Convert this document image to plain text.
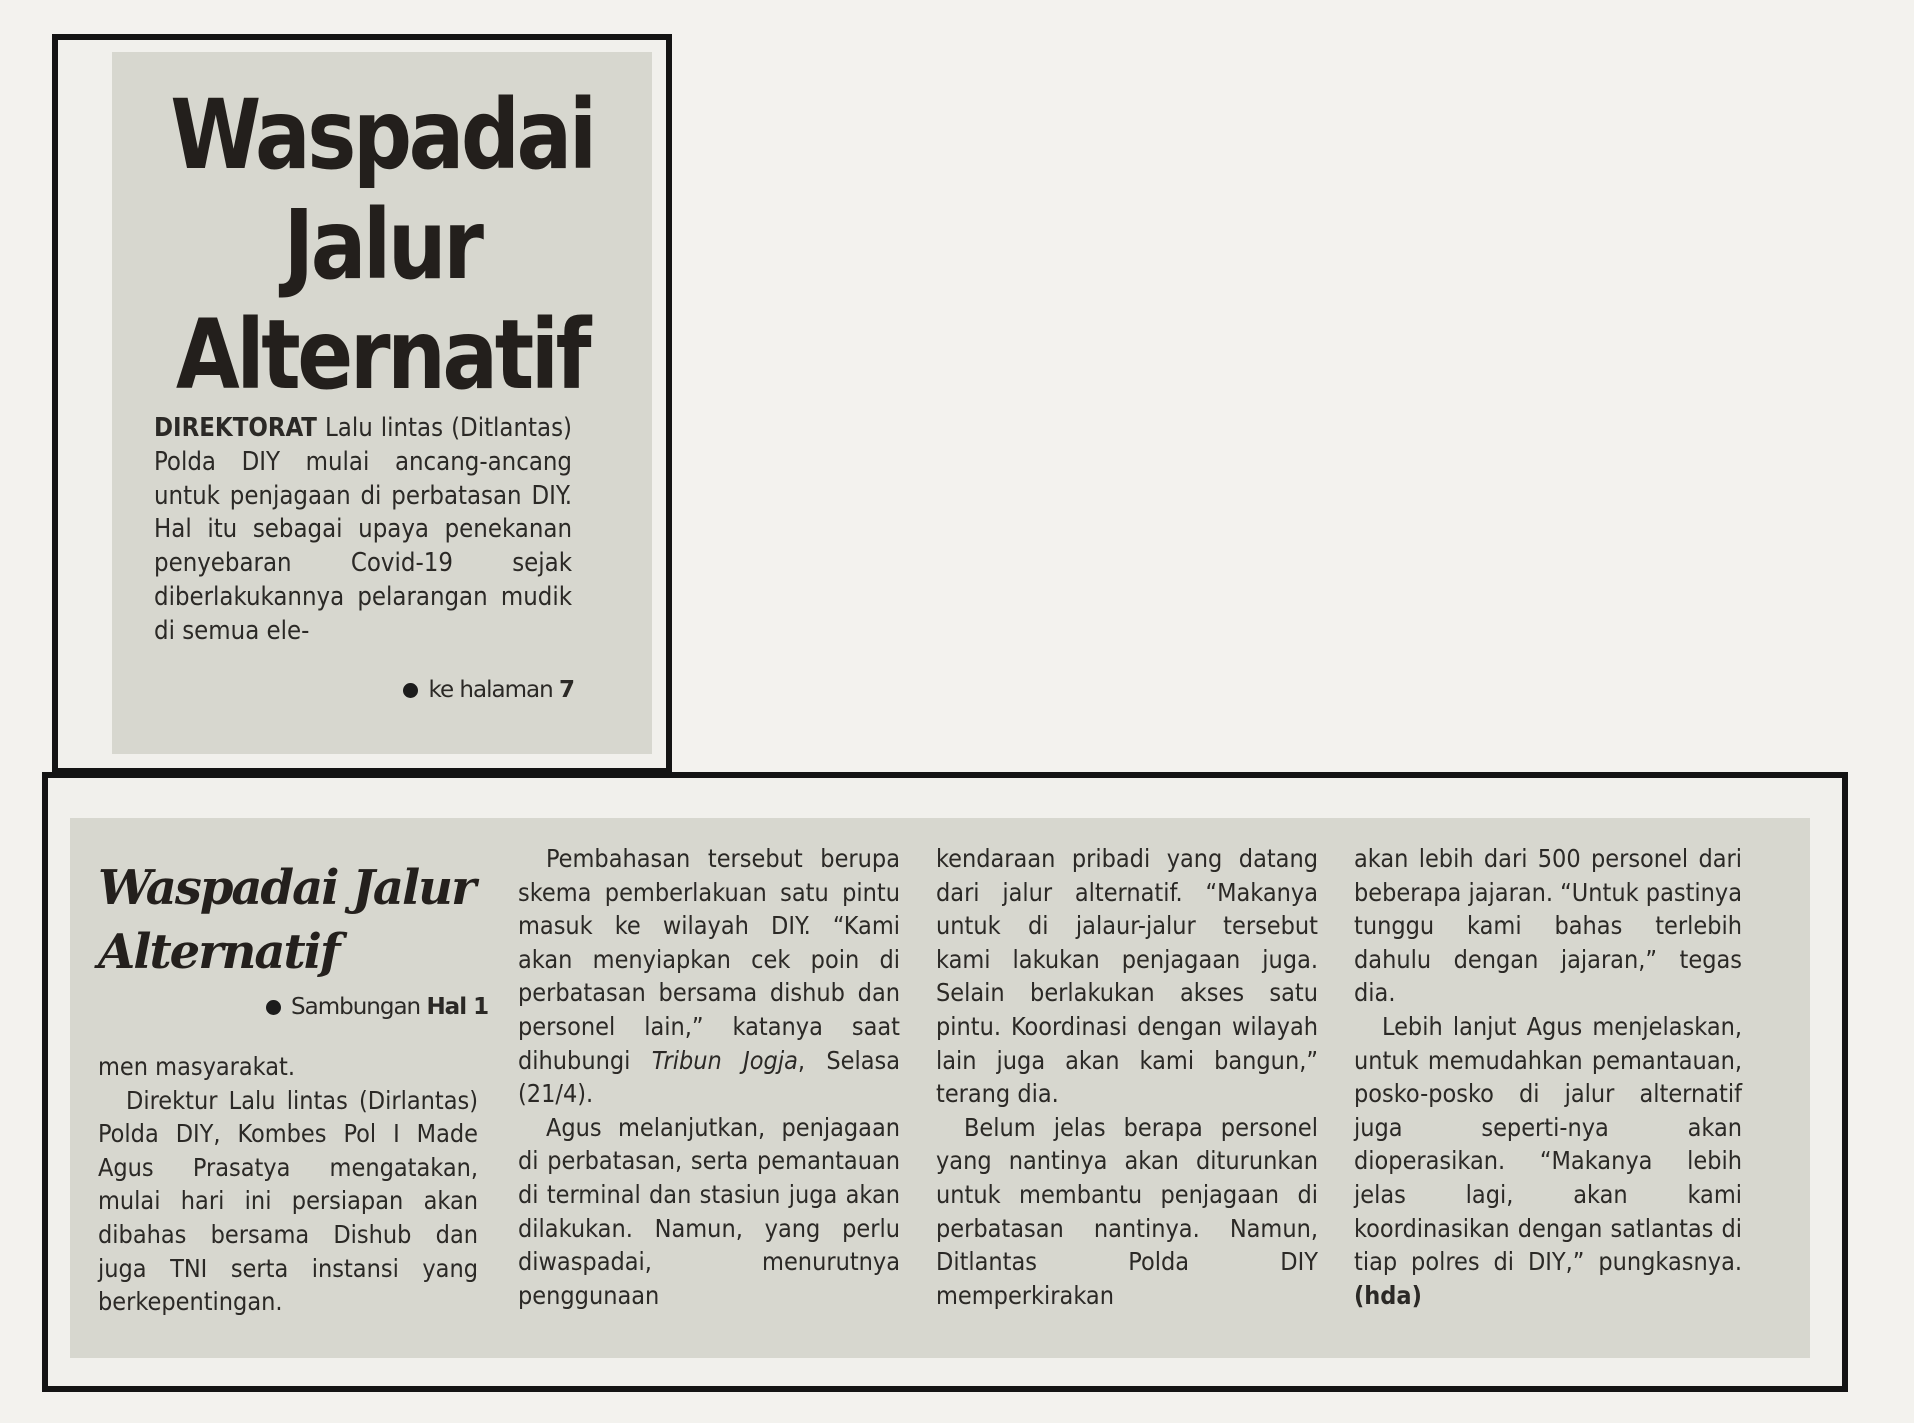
Waspadai
Jalur
Alternatif
DIREKTORAT Lalu lintas (Ditlantas) Polda DIY mulai ancang-ancang untuk penjagaan di perbatasan DIY. Hal itu sebagai upaya penekanan penyebaran Covid-19 sejak diberlakukannya pelarangan mudik di semua ele-
ke halaman 7
Waspadai Jalur
Alternatif
Sambungan Hal 1

men masyarakat.

Direktur Lalu lintas (Dirlantas) Polda DIY, Kombes Pol I Made Agus Prasatya mengatakan, mulai hari ini persiapan akan dibahas bersama Dishub dan juga TNI serta instansi yang berkepentingan.

Pembahasan tersebut berupa skema pemberlakuan satu pintu masuk ke wilayah DIY. “Kami akan menyiapkan cek poin di perbatasan bersama dishub dan personel lain,” katanya saat dihubungi Tribun Jogja, Selasa (21/4).

Agus melanjutkan, penjagaan di perbatasan, serta pemantauan di terminal dan stasiun juga akan dilakukan. Namun, yang perlu diwaspadai, menurutnya penggunaan

kendaraan pribadi yang datang dari jalur alternatif. “Makanya untuk di jalaur-jalur tersebut kami lakukan penjagaan juga. Selain berlakukan akses satu pintu. Koordinasi dengan wilayah lain juga akan kami bangun,” terang dia.

Belum jelas berapa personel yang nantinya akan diturunkan untuk membantu penjagaan di perbatasan nantinya. Namun, Ditlantas Polda DIY memperkirakan

akan lebih dari 500 personel dari beberapa jajaran. “Untuk pastinya tunggu kami bahas terlebih dahulu dengan jajaran,” tegas dia.

Lebih lanjut Agus menjelaskan, untuk memudahkan pemantauan, posko-posko di jalur alternatif juga seperti-nya akan dioperasikan. “Makanya lebih jelas lagi, akan kami koordinasikan dengan satlantas di tiap polres di DIY,” pungkasnya. (hda)
